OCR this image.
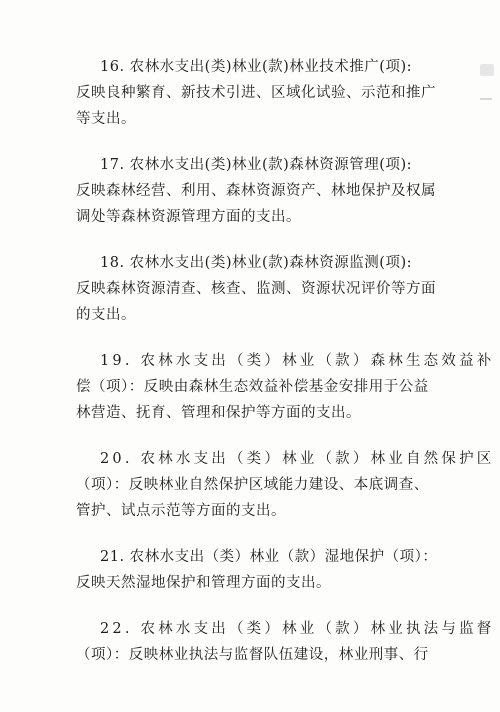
16. 农林水支出(类)林业(款)林业技术推广(项):
反映良种繁育、新技术引进、区域化试验、示范和推广
等支出。

17. 农林水支出(类)林业(款)森林资源管理(项):
反映森林经营、利用、森林资源资产、林地保护及权属
调处等森林资源管理方面的支出。

18. 农林水支出(类)林业(款)森林资源监测(项):
反映森林资源清查、核查、监测、资源状况评价等方面
的支出。

19. 农林水支出（类）林业（款）森林生态效益补
偿（项）：反映由森林生态效益补偿基金安排用于公益
林营造、抚育、管理和保护等方面的支出。

20. 农林水支出（类）林业（款）林业自然保护区
（项）：反映林业自然保护区域能力建设、本底调查、
管护、试点示范等方面的支出。

21. 农林水支出（类）林业（款）湿地保护（项）：
反映天然湿地保护和管理方面的支出。

22. 农林水支出（类）林业（款）林业执法与监督
（项）：反映林业执法与监督队伍建设，林业刑事、行
